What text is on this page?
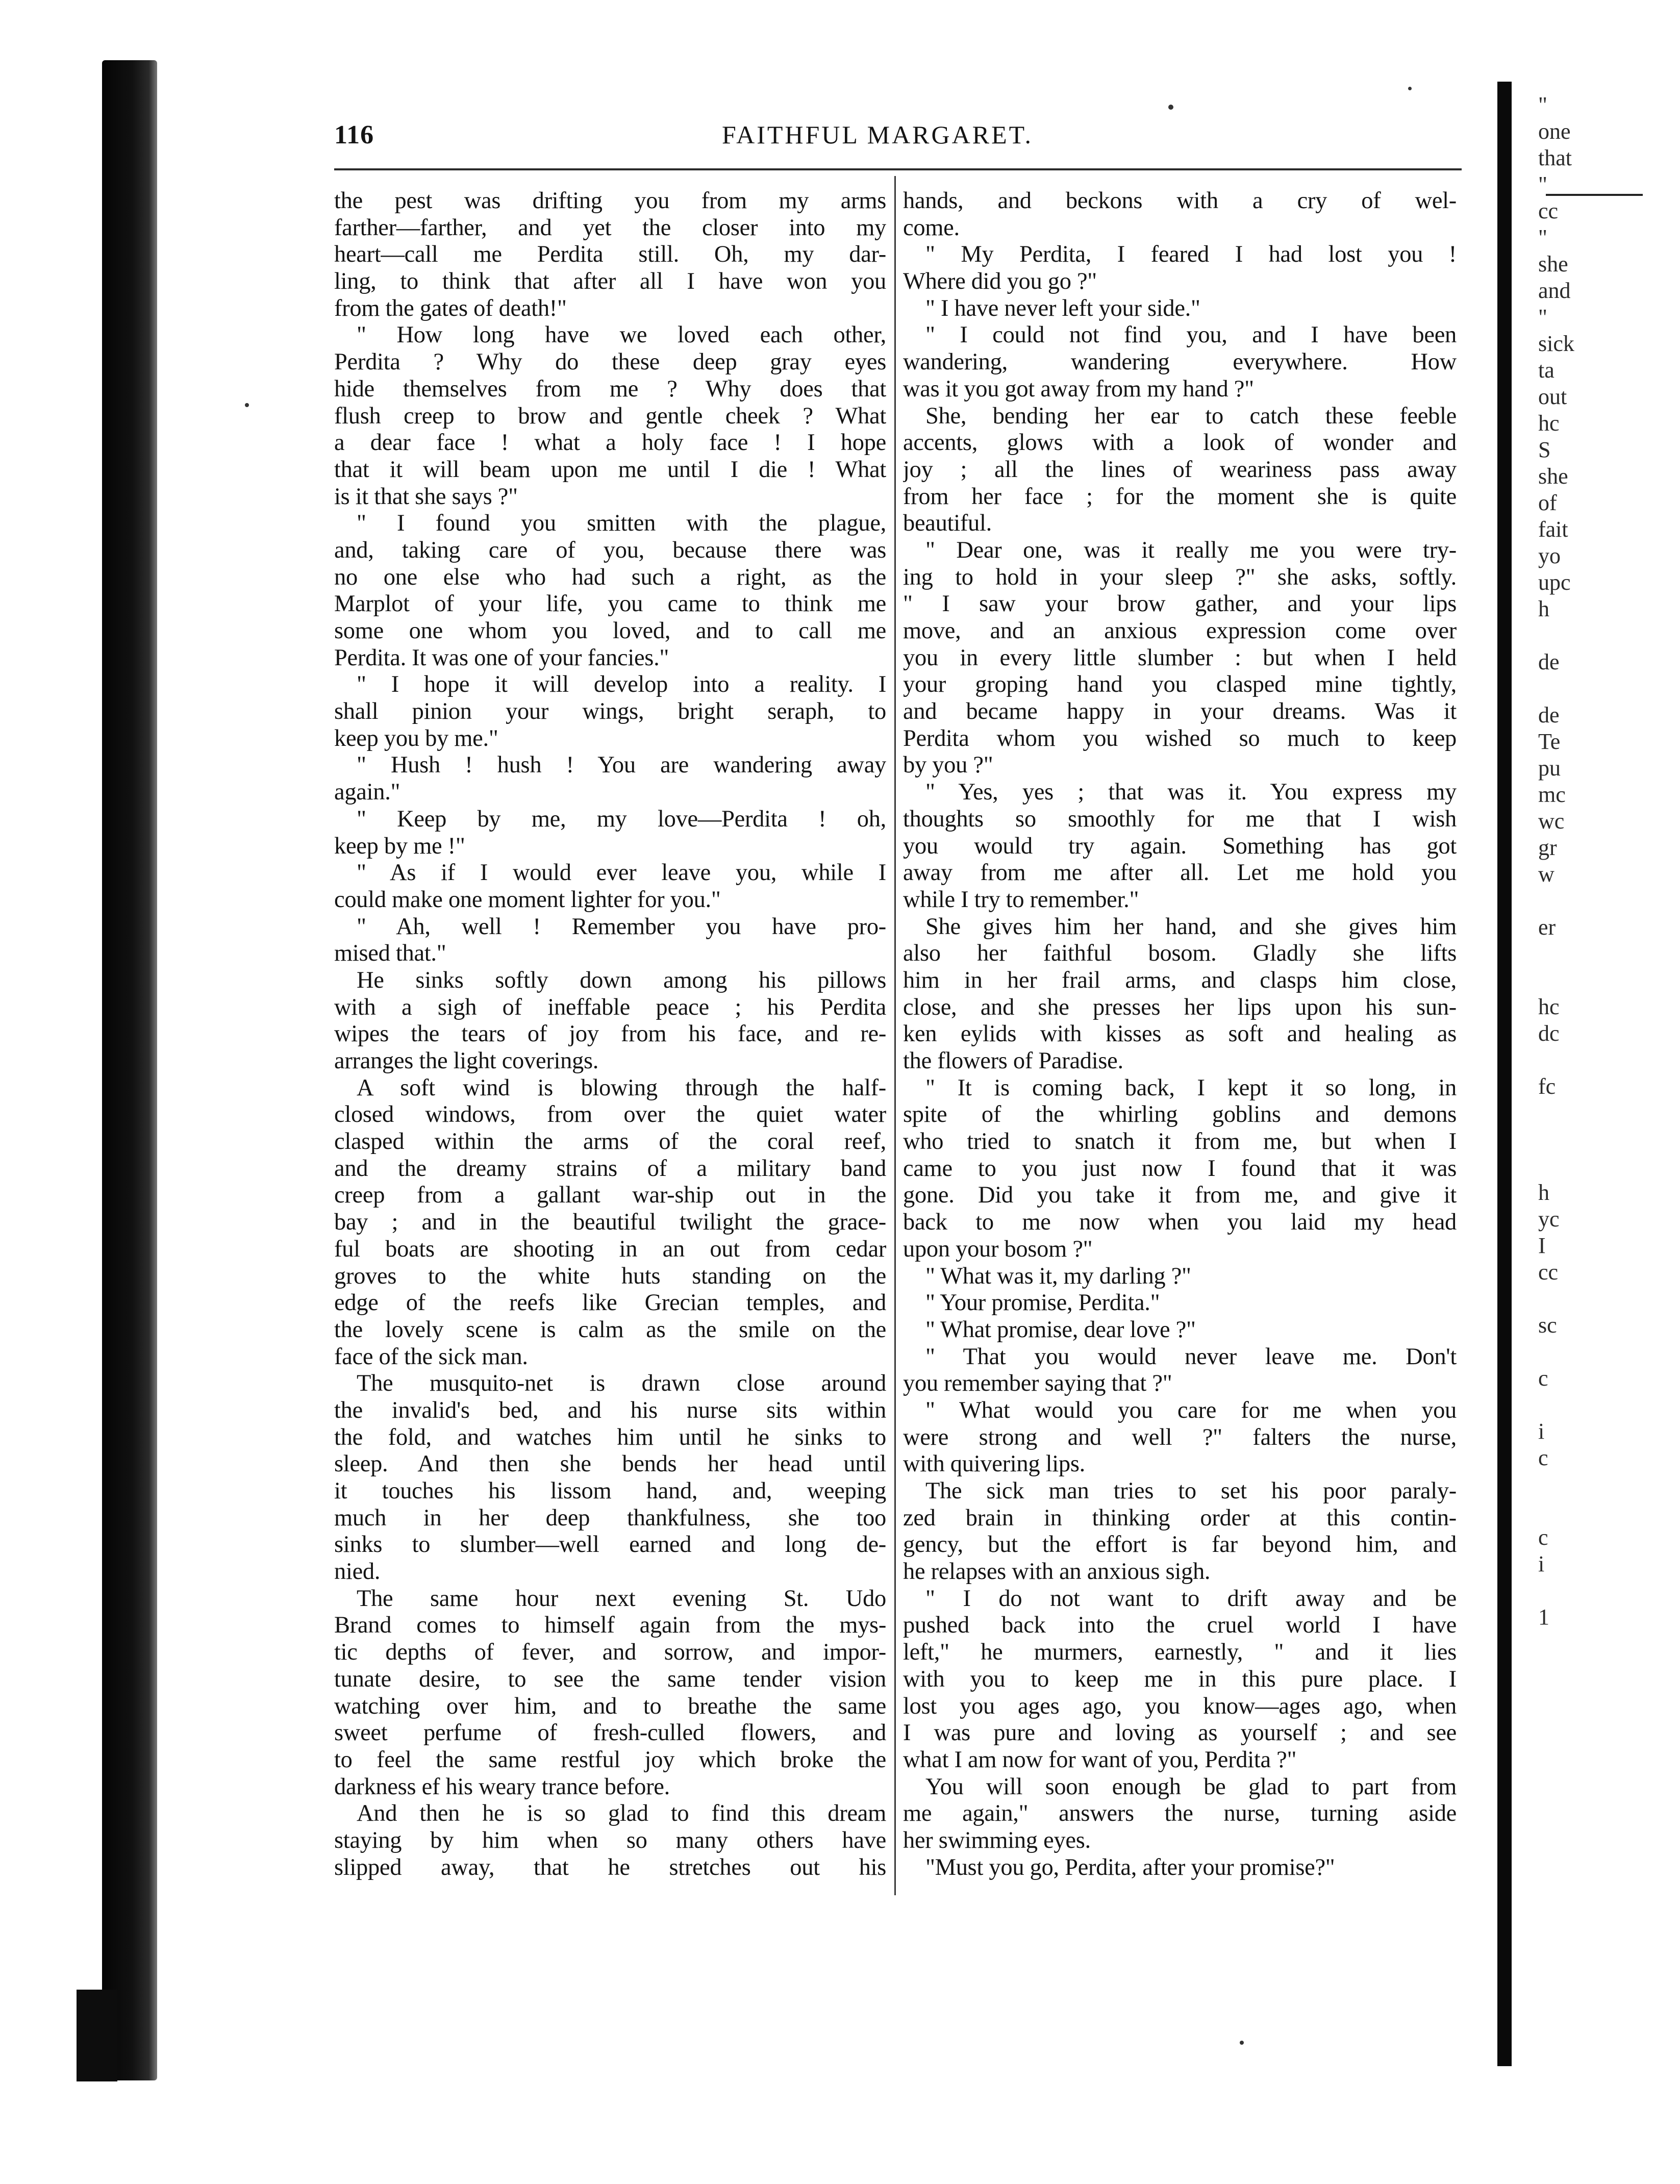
"
one
that
"
cc
"
she
and
"
sick
ta
out
hc
S
she
of
fait
yo
upc
h
de
de
Te
pu
mc
wc
gr
w
er
hc
dc
fc
h
yc
I
cc
sc
c
i
c
c
i
1
116	FAITHFUL MARGARET.
the pest was drifting you from my arms
farther—farther, and yet the closer into my
heart—call me Perdita still. Oh, my dar-
ling, to think that after all I have won you
from the gates of death!"
" How long have we loved each other,
Perdita ? Why do these deep gray eyes
hide themselves from me ? Why does that
flush creep to brow and gentle cheek ? What
a dear face ! what a holy face ! I hope
that it will beam upon me until I die ! What
is it that she says ?"
" I found you smitten with the plague,
and, taking care of you, because there was
no one else who had such a right, as the
Marplot of your life, you came to think me
some one whom you loved, and to call me
Perdita. It was one of your fancies."
" I hope it will develop into a reality. I
shall pinion your wings, bright seraph, to
keep you by me."
" Hush ! hush ! You are wandering away
again."
" Keep by me, my love—Perdita ! oh,
keep by me !"
" As if I would ever leave you, while I
could make one moment lighter for you."
" Ah, well ! Remember you have pro-
mised that."
He sinks softly down among his pillows
with a sigh of ineffable peace ; his Perdita
wipes the tears of joy from his face, and re-
arranges the light coverings.
A soft wind is blowing through the half-
closed windows, from over the quiet water
clasped within the arms of the coral reef,
and the dreamy strains of a military band
creep from a gallant war-ship out in the
bay ; and in the beautiful twilight the grace-
ful boats are shooting in an out from cedar
groves to the white huts standing on the
edge of the reefs like Grecian temples, and
the lovely scene is calm as the smile on the
face of the sick man.
The musquito-net is drawn close around
the invalid's bed, and his nurse sits within
the fold, and watches him until he sinks to
sleep. And then she bends her head until
it touches his lissom hand, and, weeping
much in her deep thankfulness, she too
sinks to slumber—well earned and long de-
nied.
The same hour next evening St. Udo
Brand comes to himself again from the mys-
tic depths of fever, and sorrow, and impor-
tunate desire, to see the same tender vision
watching over him, and to breathe the same
sweet perfume of fresh-culled flowers, and
to feel the same restful joy which broke the
darkness ef his weary trance before.
And then he is so glad to find this dream
staying by him when so many others have
slipped away, that he stretches out his
hands, and beckons with a cry of wel-
come.
" My Perdita, I feared I had lost you !
Where did you go ?"
" I have never left your side."
" I could not find you, and I have been
wandering, wandering everywhere. How
was it you got away from my hand ?"
She, bending her ear to catch these feeble
accents, glows with a look of wonder and
joy ; all the lines of weariness pass away
from her face ; for the moment she is quite
beautiful.
" Dear one, was it really me you were try-
ing to hold in your sleep ?" she asks, softly.
" I saw your brow gather, and your lips
move, and an anxious expression come over
you in every little slumber : but when I held
your groping hand you clasped mine tightly,
and became happy in your dreams. Was it
Perdita whom you wished so much to keep
by you ?"
" Yes, yes ; that was it. You express my
thoughts so smoothly for me that I wish
you would try again. Something has got
away from me after all. Let me hold you
while I try to remember."
She gives him her hand, and she gives him
also her faithful bosom. Gladly she lifts
him in her frail arms, and clasps him close,
close, and she presses her lips upon his sun-
ken eylids with kisses as soft and healing as
the flowers of Paradise.
" It is coming back, I kept it so long, in
spite of the whirling goblins and demons
who tried to snatch it from me, but when I
came to you just now I found that it was
gone. Did you take it from me, and give it
back to me now when you laid my head
upon your bosom ?"
" What was it, my darling ?"
" Your promise, Perdita."
" What promise, dear love ?"
" That you would never leave me. Don't
you remember saying that ?"
" What would you care for me when you
were strong and well ?" falters the nurse,
with quivering lips.
The sick man tries to set his poor paraly-
zed brain in thinking order at this contin-
gency, but the effort is far beyond him, and
he relapses with an anxious sigh.
" I do not want to drift away and be
pushed back into the cruel world I have
left," he murmers, earnestly, " and it lies
with you to keep me in this pure place. I
lost you ages ago, you know—ages ago, when
I was pure and loving as yourself ; and see
what I am now for want of you, Perdita ?"
You will soon enough be glad to part from
me again," answers the nurse, turning aside
her swimming eyes.
"Must you go, Perdita, after your promise?"
